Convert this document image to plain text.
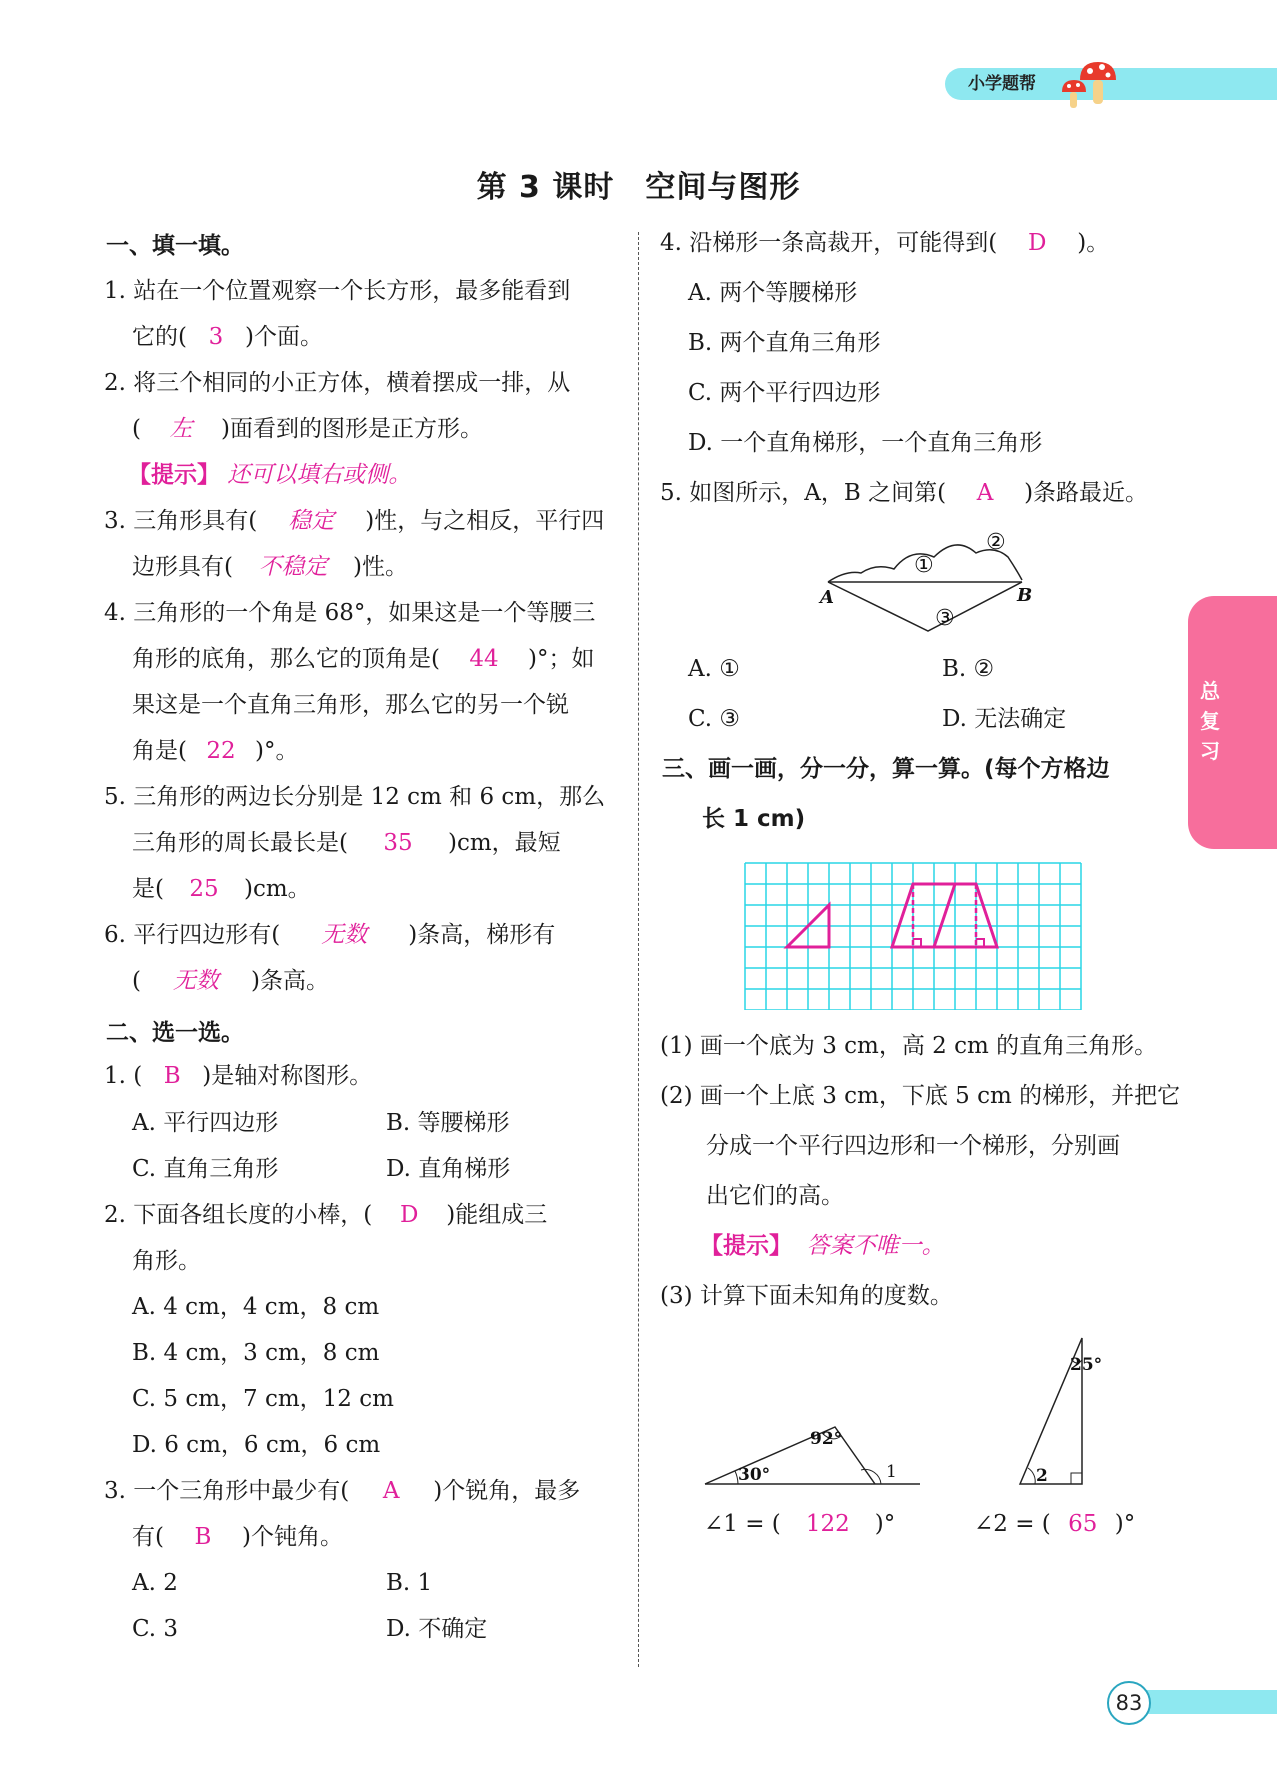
小学题帮
第 3 课时　空间与图形
一、填一填。
1. 站在一个位置观察一个长方形，最多能看到
它的( 3 )个面。
2. 将三个相同的小正方体，横着摆成一排，从
( 左 )面看到的图形是正方形。
【提示】 还可以填右或侧。
3. 三角形具有( 稳定 )性，与之相反，平行四
边形具有( 不稳定 )性。
4. 三角形的一个角是 68°，如果这是一个等腰三
角形的底角，那么它的顶角是( 44 )°；如
果这是一个直角三角形，那么它的另一个锐
角是( 22 )°。
5. 三角形的两边长分别是 12 cm 和 6 cm，那么
三角形的周长最长是( 35 )cm，最短
是( 25 )cm。
6. 平行四边形有( 无数 )条高，梯形有
( 无数 )条高。
二、选一选。
1. ( B )是轴对称图形。
A. 平行四边形	B. 等腰梯形
C. 直角三角形	D. 直角梯形
2. 下面各组长度的小棒，( D )能组成三
角形。
A. 4 cm，4 cm，8 cm
B. 4 cm，3 cm，8 cm
C. 5 cm，7 cm，12 cm
D. 6 cm，6 cm，6 cm
3. 一个三角形中最少有( A )个锐角，最多
有( B )个钝角。
A. 2	B. 1
C. 3	D. 不确定
4. 沿梯形一条高裁开，可能得到( D )。
A. 两个等腰梯形
B. 两个直角三角形
C. 两个平行四边形
D. 一个直角梯形，一个直角三角形
5. 如图所示，A，B 之间第( A )条路最近。
①
②
③
A	B
A. ①	B. ②
C. ③	D. 无法确定
三、画一画，分一分，算一算。(每个方格边
长 1 cm)
(1) 画一个底为 3 cm，高 2 cm 的直角三角形。
(2) 画一个上底 3 cm，下底 5 cm 的梯形，并把它
分成一个平行四边形和一个梯形，分别画
出它们的高。
【提示】 答案不唯一。
(3) 计算下面未知角的度数。
30°
92°
1
25°
2
∠1 = ( 122 )°	∠2 = ( 65 )°
总
复
习
83
